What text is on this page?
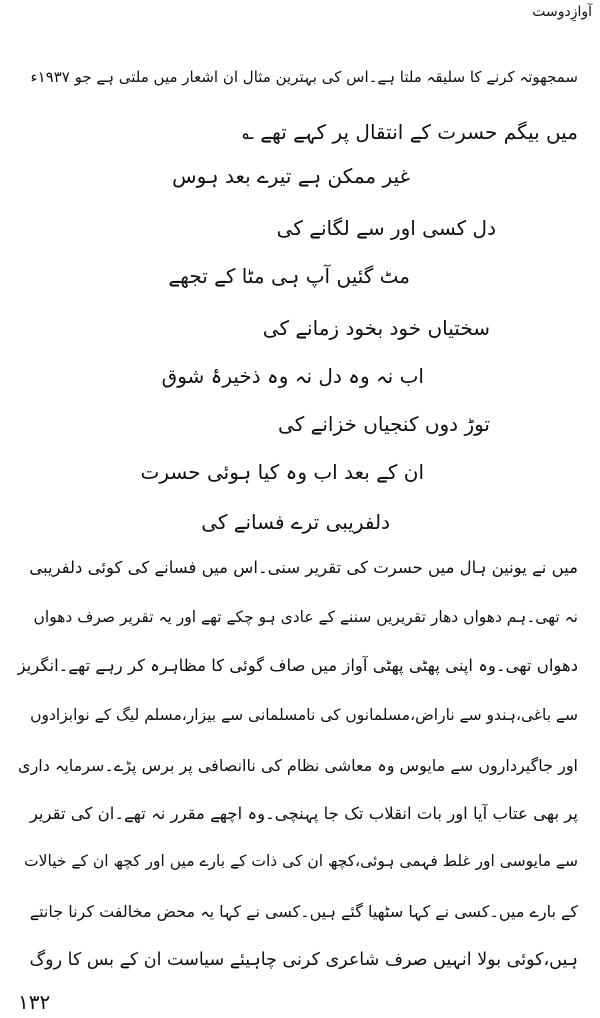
آوازِدوست
سمجھوتہ کرنے کا سلیقہ ملتا ہے۔اس کی بہترین مثال ان اشعار میں ملتی ہے جو ۱۹۳۷ء
میں بیگم حسرت کے انتقال پر کہے تھے ؎
غیر ممکن ہے تیرے بعد ہوس
دل کسی اور سے لگانے کی
مٹ گئیں آپ ہی مٹا کے تجھے
سختیاں خود بخود زمانے کی
اب نہ وہ دل نہ وہ ذخیرۂ شوق
توڑ دوں کنجیاں خزانے کی
ان کے بعد اب وہ کیا ہوئی حسرت
دلفریبی ترے فسانے کی
میں نے یونین ہال میں حسرت کی تقریر سنی۔اس میں فسانے کی کوئی دلفریبی
نہ تھی۔ہم دھواں دھار تقریریں سننے کے عادی ہو چکے تھے اور یہ تقریر صرف دھواں
دھواں تھی۔وہ اپنی پھٹی پھٹی آواز میں صاف گوئی کا مظاہرہ کر رہے تھے۔انگریز
سے باغی،ہندو سے ناراض،مسلمانوں کی نامسلمانی سے بیزار،مسلم لیگ کے نوابزادوں
اور جاگیرداروں سے مایوس وہ معاشی نظام کی ناانصافی پر برس پڑے۔سرمایہ داری
پر بھی عتاب آیا اور بات انقلاب تک جا پہنچی۔وہ اچھے مقرر نہ تھے۔ان کی تقریر
سے مایوسی اور غلط فہمی ہوئی،کچھ ان کی ذات کے بارے میں اور کچھ ان کے خیالات
کے بارے میں۔کسی نے کہا سٹھیا گئے ہیں۔کسی نے کہا یہ محض مخالفت کرنا جانتے
ہیں،کوئی بولا انہیں صرف شاعری کرنی چاہیئے سیاست ان کے بس کا روگ
۱۳۲
